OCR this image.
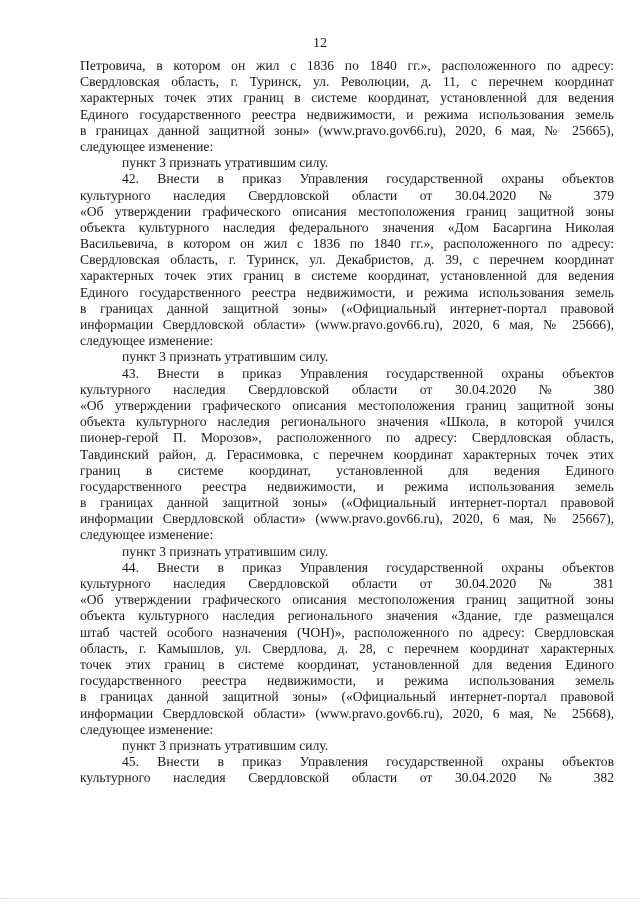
12
Петровича, в котором он жил с 1836 по 1840 гг.», расположенного по адресу:
Свердловская область, г. Туринск, ул. Революции, д. 11, с перечнем координат
характерных точек этих границ в системе координат, установленной для ведения
Единого государственного реестра недвижимости, и режима использования земель
в границах данной защитной зоны» (www.pravo.gov66.ru), 2020, 6 мая, № 25665),
следующее изменение:
пункт 3 признать утратившим силу.
42. Внести в приказ Управления государственной охраны объектов
культурного наследия Свердловской области от 30.04.2020 № 379
«Об утверждении графического описания местоположения границ защитной зоны
объекта культурного наследия федерального значения «Дом Басаргина Николая
Васильевича, в котором он жил с 1836 по 1840 гг.», расположенного по адресу:
Свердловская область, г. Туринск, ул. Декабристов, д. 39, с перечнем координат
характерных точек этих границ в системе координат, установленной для ведения
Единого государственного реестра недвижимости, и режима использования земель
в границах данной защитной зоны» («Официальный интернет-портал правовой
информации Свердловской области» (www.pravo.gov66.ru), 2020, 6 мая, № 25666),
следующее изменение:
пункт 3 признать утратившим силу.
43. Внести в приказ Управления государственной охраны объектов
культурного наследия Свердловской области от 30.04.2020 № 380
«Об утверждении графического описания местоположения границ защитной зоны
объекта культурного наследия регионального значения «Школа, в которой учился
пионер-герой П. Морозов», расположенного по адресу: Свердловская область,
Тавдинский район, д. Герасимовка, с перечнем координат характерных точек этих
границ в системе координат, установленной для ведения Единого
государственного реестра недвижимости, и режима использования земель
в границах данной защитной зоны» («Официальный интернет-портал правовой
информации Свердловской области» (www.pravo.gov66.ru), 2020, 6 мая, № 25667),
следующее изменение:
пункт 3 признать утратившим силу.
44. Внести в приказ Управления государственной охраны объектов
культурного наследия Свердловской области от 30.04.2020 № 381
«Об утверждении графического описания местоположения границ защитной зоны
объекта культурного наследия регионального значения «Здание, где размещался
штаб частей особого назначения (ЧОН)», расположенного по адресу: Свердловская
область, г. Камышлов, ул. Свердлова, д. 28, с перечнем координат характерных
точек этих границ в системе координат, установленной для ведения Единого
государственного реестра недвижимости, и режима использования земель
в границах данной защитной зоны» («Официальный интернет-портал правовой
информации Свердловской области» (www.pravo.gov66.ru), 2020, 6 мая, № 25668),
следующее изменение:
пункт 3 признать утратившим силу.
45. Внести в приказ Управления государственной охраны объектов
культурного наследия Свердловской области от 30.04.2020 № 382
